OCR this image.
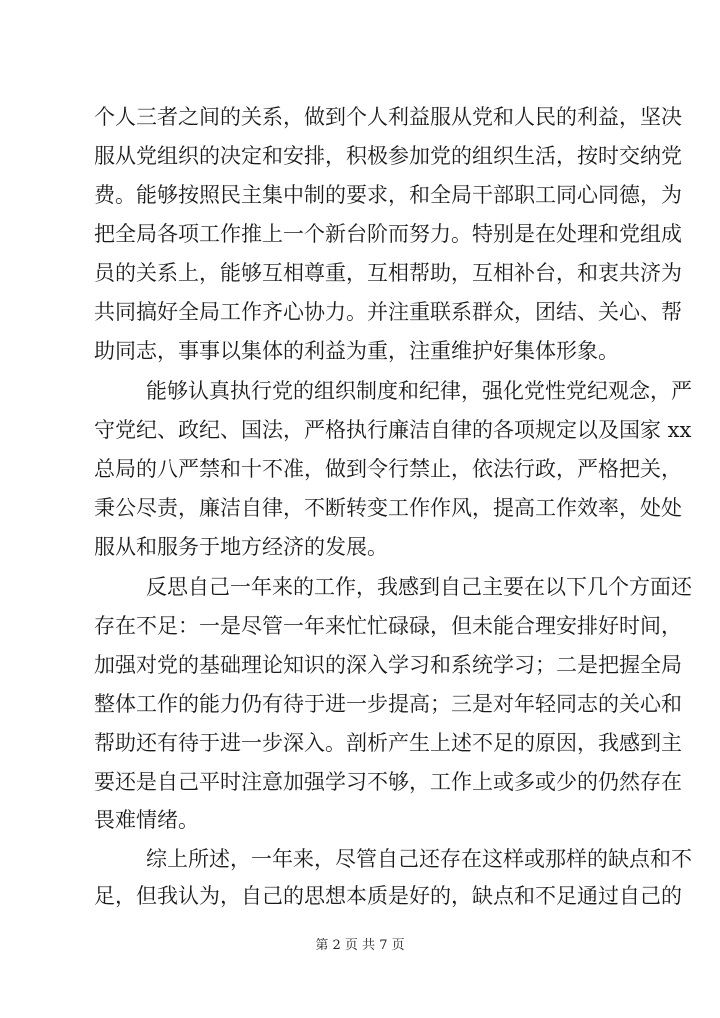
个人三者之间的关系，做到个人利益服从党和人民的利益，坚决
服从党组织的决定和安排，积极参加党的组织生活，按时交纳党
费。能够按照民主集中制的要求，和全局干部职工同心同德，为
把全局各项工作推上一个新台阶而努力。特别是在处理和党组成
员的关系上，能够互相尊重，互相帮助，互相补台，和衷共济为
共同搞好全局工作齐心协力。并注重联系群众，团结、关心、帮
助同志，事事以集体的利益为重，注重维护好集体形象。
能够认真执行党的组织制度和纪律，强化党性党纪观念，严
守党纪、政纪、国法，严格执行廉洁自律的各项规定以及国家 xx
总局的八严禁和十不准，做到令行禁止，依法行政，严格把关，
秉公尽责，廉洁自律，不断转变工作作风，提高工作效率，处处
服从和服务于地方经济的发展。
反思自己一年来的工作，我感到自己主要在以下几个方面还
存在不足：一是尽管一年来忙忙碌碌，但未能合理安排好时间，
加强对党的基础理论知识的深入学习和系统学习；二是把握全局
整体工作的能力仍有待于进一步提高；三是对年轻同志的关心和
帮助还有待于进一步深入。剖析产生上述不足的原因，我感到主
要还是自己平时注意加强学习不够，工作上或多或少的仍然存在
畏难情绪。
综上所述，一年来，尽管自己还存在这样或那样的缺点和不
第 2 页 共 7 页
足，但我认为，自己的思想本质是好的，缺点和不足通过自己的
